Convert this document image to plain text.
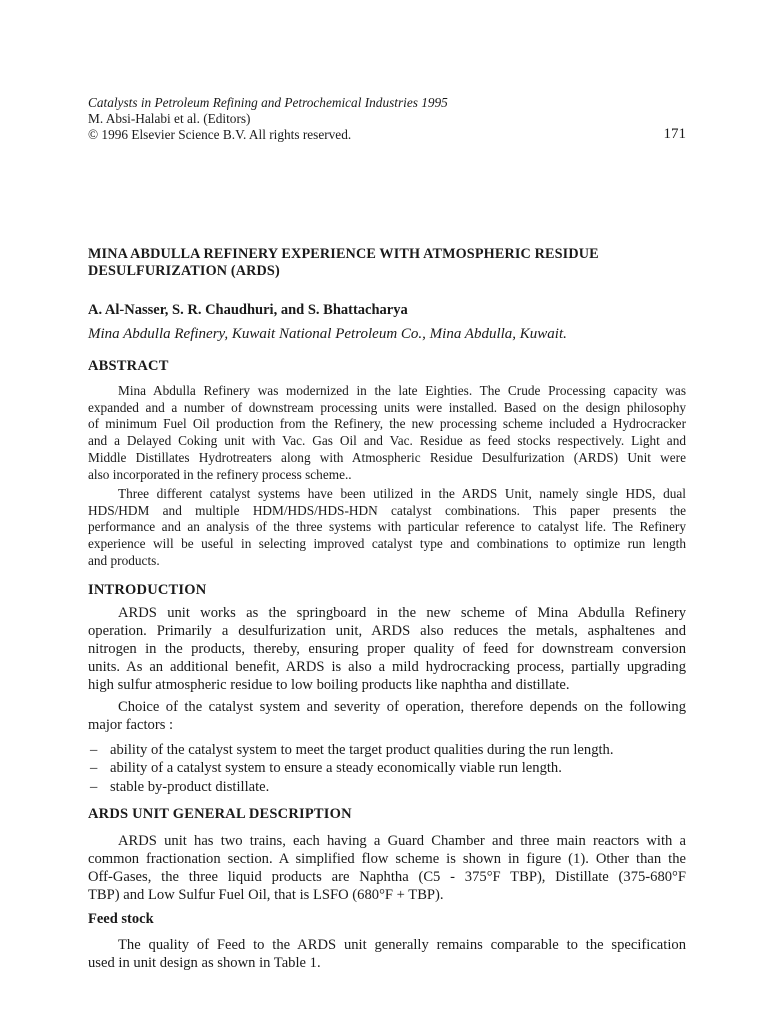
Catalysts in Petroleum Refining and Petrochemical Industries 1995
M. Absi-Halabi et al. (Editors)
© 1996 Elsevier Science B.V. All rights reserved.	171
MINA ABDULLA REFINERY EXPERIENCE WITH ATMOSPHERIC RESIDUE
DESULFURIZATION (ARDS)
A. Al-Nasser, S. R. Chaudhuri, and S. Bhattacharya
Mina Abdulla Refinery, Kuwait National Petroleum Co., Mina Abdulla, Kuwait.
ABSTRACT
Mina Abdulla Refinery was modernized in the late Eighties. The Crude Processing capacity was
expanded and a number of downstream processing units were installed. Based on the design philosophy
of minimum Fuel Oil production from the Refinery, the new processing scheme included a Hydrocracker
and a Delayed Coking unit with Vac. Gas Oil and Vac. Residue as feed stocks respectively. Light and
Middle Distillates Hydrotreaters along with Atmospheric Residue Desulfurization (ARDS) Unit were
also incorporated in the refinery process scheme..
Three different catalyst systems have been utilized in the ARDS Unit, namely single HDS, dual
HDS/HDM and multiple HDM/HDS/HDS-HDN catalyst combinations. This paper presents the
performance and an analysis of the three systems with particular reference to catalyst life. The Refinery
experience will be useful in selecting improved catalyst type and combinations to optimize run length
and products.
INTRODUCTION
ARDS unit works as the springboard in the new scheme of Mina Abdulla Refinery
operation. Primarily a desulfurization unit, ARDS also reduces the metals, asphaltenes and
nitrogen in the products, thereby, ensuring proper quality of feed for downstream conversion
units. As an additional benefit, ARDS is also a mild hydrocracking process, partially upgrading
high sulfur atmospheric residue to low boiling products like naphtha and distillate.
Choice of the catalyst system and severity of operation, therefore depends on the following
major factors :
– ability of the catalyst system to meet the target product qualities during the run length.
– ability of a catalyst system to ensure a steady economically viable run length.
– stable by-product distillate.
ARDS UNIT GENERAL DESCRIPTION
ARDS unit has two trains, each having a Guard Chamber and three main reactors with a
common fractionation section. A simplified flow scheme is shown in figure (1). Other than the
Off-Gases, the three liquid products are Naphtha (C5 - 375°F TBP), Distillate (375-680°F
TBP) and Low Sulfur Fuel Oil, that is LSFO (680°F + TBP).
Feed stock
The quality of Feed to the ARDS unit generally remains comparable to the specification
used in unit design as shown in Table 1.
